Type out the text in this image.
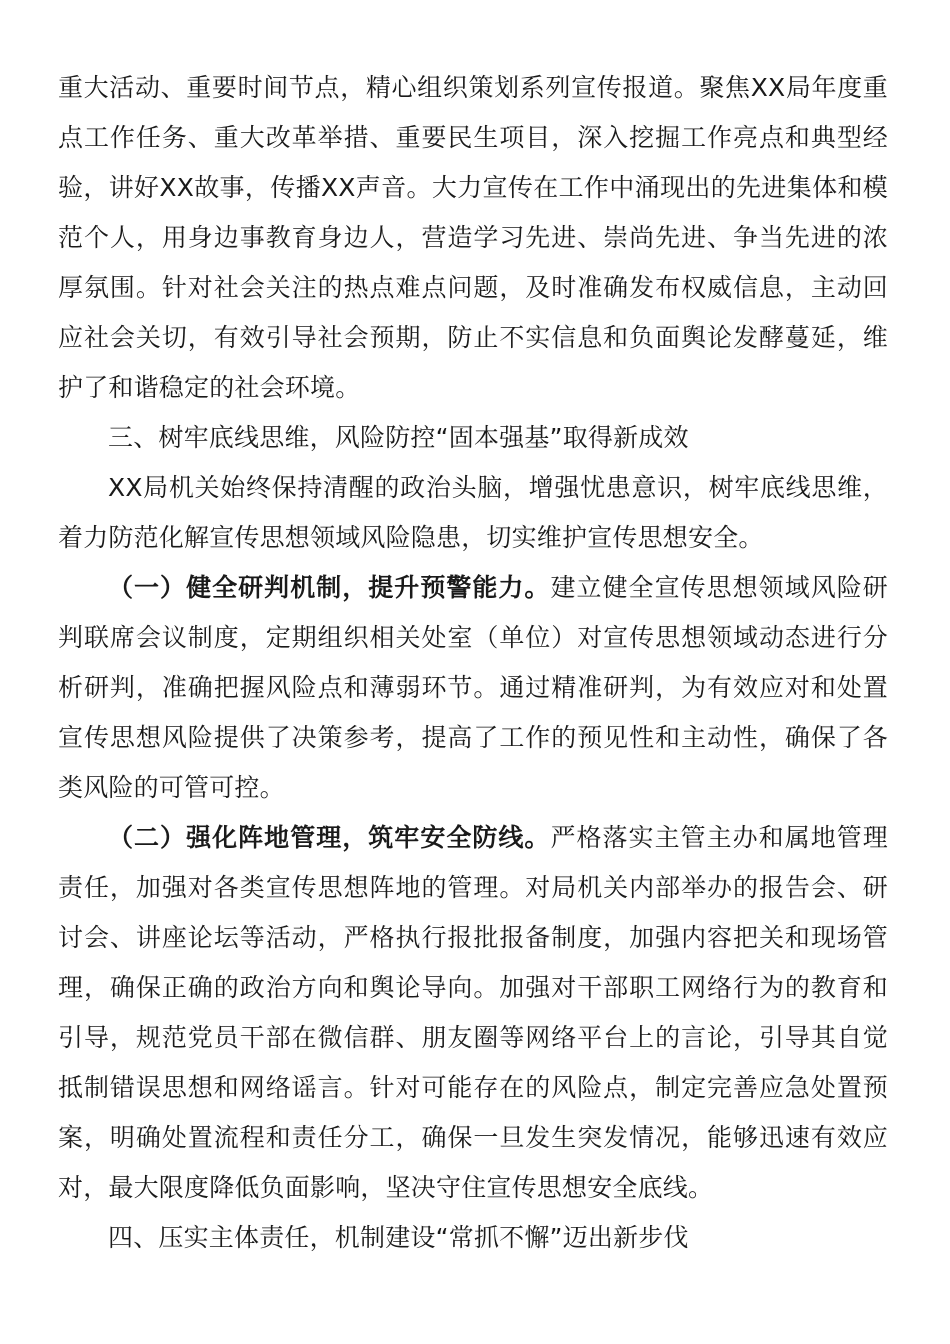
重大活动、重要时间节点，精心组织策划系列宣传报道。聚焦XX局年度重点工作任务、重大改革举措、重要民生项目，深入挖掘工作亮点和典型经验，讲好XX故事，传播XX声音。大力宣传在工作中涌现出的先进集体和模范个人，用身边事教育身边人，营造学习先进、崇尚先进、争当先进的浓厚氛围。针对社会关注的热点难点问题，及时准确发布权威信息，主动回应社会关切，有效引导社会预期，防止不实信息和负面舆论发酵蔓延，维护了和谐稳定的社会环境。

三、树牢底线思维，风险防控“固本强基”取得新成效

XX局机关始终保持清醒的政治头脑，增强忧患意识，树牢底线思维，着力防范化解宣传思想领域风险隐患，切实维护宣传思想安全。

（一）健全研判机制，提升预警能力。建立健全宣传思想领域风险研判联席会议制度，定期组织相关处室（单位）对宣传思想领域动态进行分析研判，准确把握风险点和薄弱环节。通过精准研判，为有效应对和处置宣传思想风险提供了决策参考，提高了工作的预见性和主动性，确保了各类风险的可管可控。

（二）强化阵地管理，筑牢安全防线。严格落实主管主办和属地管理责任，加强对各类宣传思想阵地的管理。对局机关内部举办的报告会、研讨会、讲座论坛等活动，严格执行报批报备制度，加强内容把关和现场管理，确保正确的政治方向和舆论导向。加强对干部职工网络行为的教育和引导，规范党员干部在微信群、朋友圈等网络平台上的言论，引导其自觉抵制错误思想和网络谣言。针对可能存在的风险点，制定完善应急处置预案，明确处置流程和责任分工，确保一旦发生突发情况，能够迅速有效应对，最大限度降低负面影响，坚决守住宣传思想安全底线。

四、压实主体责任，机制建设“常抓不懈”迈出新步伐
